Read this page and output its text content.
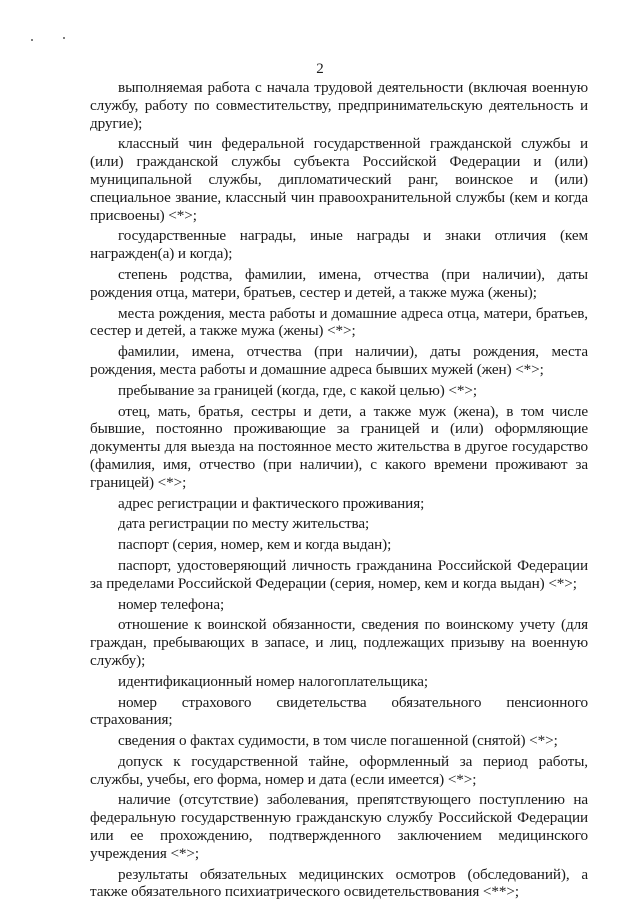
2

выполняемая работа с начала трудовой деятельности (включая военную службу, работу по совместительству, предпринимательскую деятельность и другие);

классный чин федеральной государственной гражданской службы и (или) гражданской службы субъекта Российской Федерации и (или) муниципальной службы, дипломатический ранг, воинское и (или) специальное звание, классный чин правоохранительной службы (кем и когда присвоены) <*>;

государственные награды, иные награды и знаки отличия (кем награжден(а) и когда);

степень родства, фамилии, имена, отчества (при наличии), даты рождения отца, матери, братьев, сестер и детей, а также мужа (жены);

места рождения, места работы и домашние адреса отца, матери, братьев, сестер и детей, а также мужа (жены) <*>;

фамилии, имена, отчества (при наличии), даты рождения, места рождения, места работы и домашние адреса бывших мужей (жен) <*>;

пребывание за границей (когда, где, с какой целью) <*>;

отец, мать, братья, сестры и дети, а также муж (жена), в том числе бывшие, постоянно проживающие за границей и (или) оформляющие документы для выезда на постоянное место жительства в другое государство (фамилия, имя, отчество (при наличии), с какого времени проживают за границей) <*>;

адрес регистрации и фактического проживания;

дата регистрации по месту жительства;

паспорт (серия, номер, кем и когда выдан);

паспорт, удостоверяющий личность гражданина Российской Федерации за пределами Российской Федерации (серия, номер, кем и когда выдан) <*>;

номер телефона;

отношение к воинской обязанности, сведения по воинскому учету (для граждан, пребывающих в запасе, и лиц, подлежащих призыву на военную службу);

идентификационный номер налогоплательщика;

номер страхового свидетельства обязательного пенсионного страхования;

сведения о фактах судимости, в том числе погашенной (снятой) <*>;

допуск к государственной тайне, оформленный за период работы, службы, учебы, его форма, номер и дата (если имеется) <*>;

наличие (отсутствие) заболевания, препятствующего поступлению на федеральную государственную гражданскую службу Российской Федерации или ее прохождению, подтвержденного заключением медицинского учреждения <*>;

результаты обязательных медицинских осмотров (обследований), а также обязательного психиатрического освидетельствования <**>;
